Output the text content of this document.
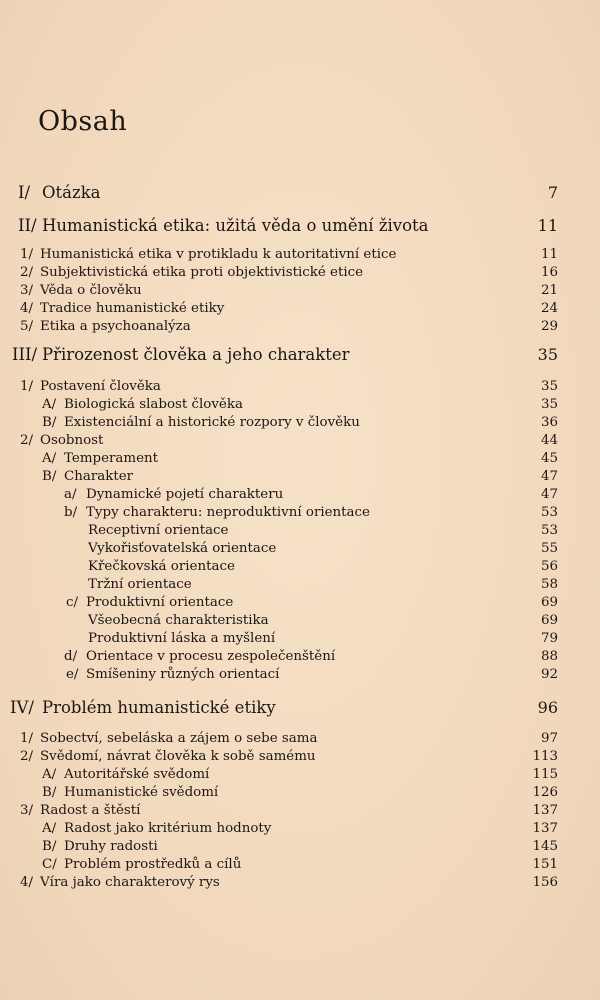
Obsah
I/ Otázka	7
II/ Humanistická etika: užitá věda o umění života	11
1/ Humanistická etika v protikladu k autoritativní etice	11
2/ Subjektivistická etika proti objektivistické etice	16
3/ Věda o člověku	21
4/ Tradice humanistické etiky	24
5/ Etika a psychoanalýza	29
III/ Přirozenost člověka a jeho charakter	35
1/ Postavení člověka	35
A/ Biologická slabost člověka	35
B/ Existenciální a historické rozpory v člověku	36
2/ Osobnost	44
A/ Temperament	45
B/ Charakter	47
a/ Dynamické pojetí charakteru	47
b/ Typy charakteru: neproduktivní orientace	53
Receptivní orientace	53
Vykořisťovatelská orientace	55
Křečkovská orientace	56
Tržní orientace	58
c/ Produktivní orientace	69
Všeobecná charakteristika	69
Produktivní láska a myšlení	79
d/ Orientace v procesu zespolečenštění	88
e/ Smíšeniny různých orientací	92
IV/ Problém humanistické etiky	96
1/ Sobectví, sebeláska a zájem o sebe sama	97
2/ Svědomí, návrat člověka k sobě samému	113
A/ Autoritářské svědomí	115
B/ Humanistické svědomí	126
3/ Radost a štěstí	137
A/ Radost jako kritérium hodnoty	137
B/ Druhy radosti	145
C/ Problém prostředků a cílů	151
4/ Víra jako charakterový rys	156
